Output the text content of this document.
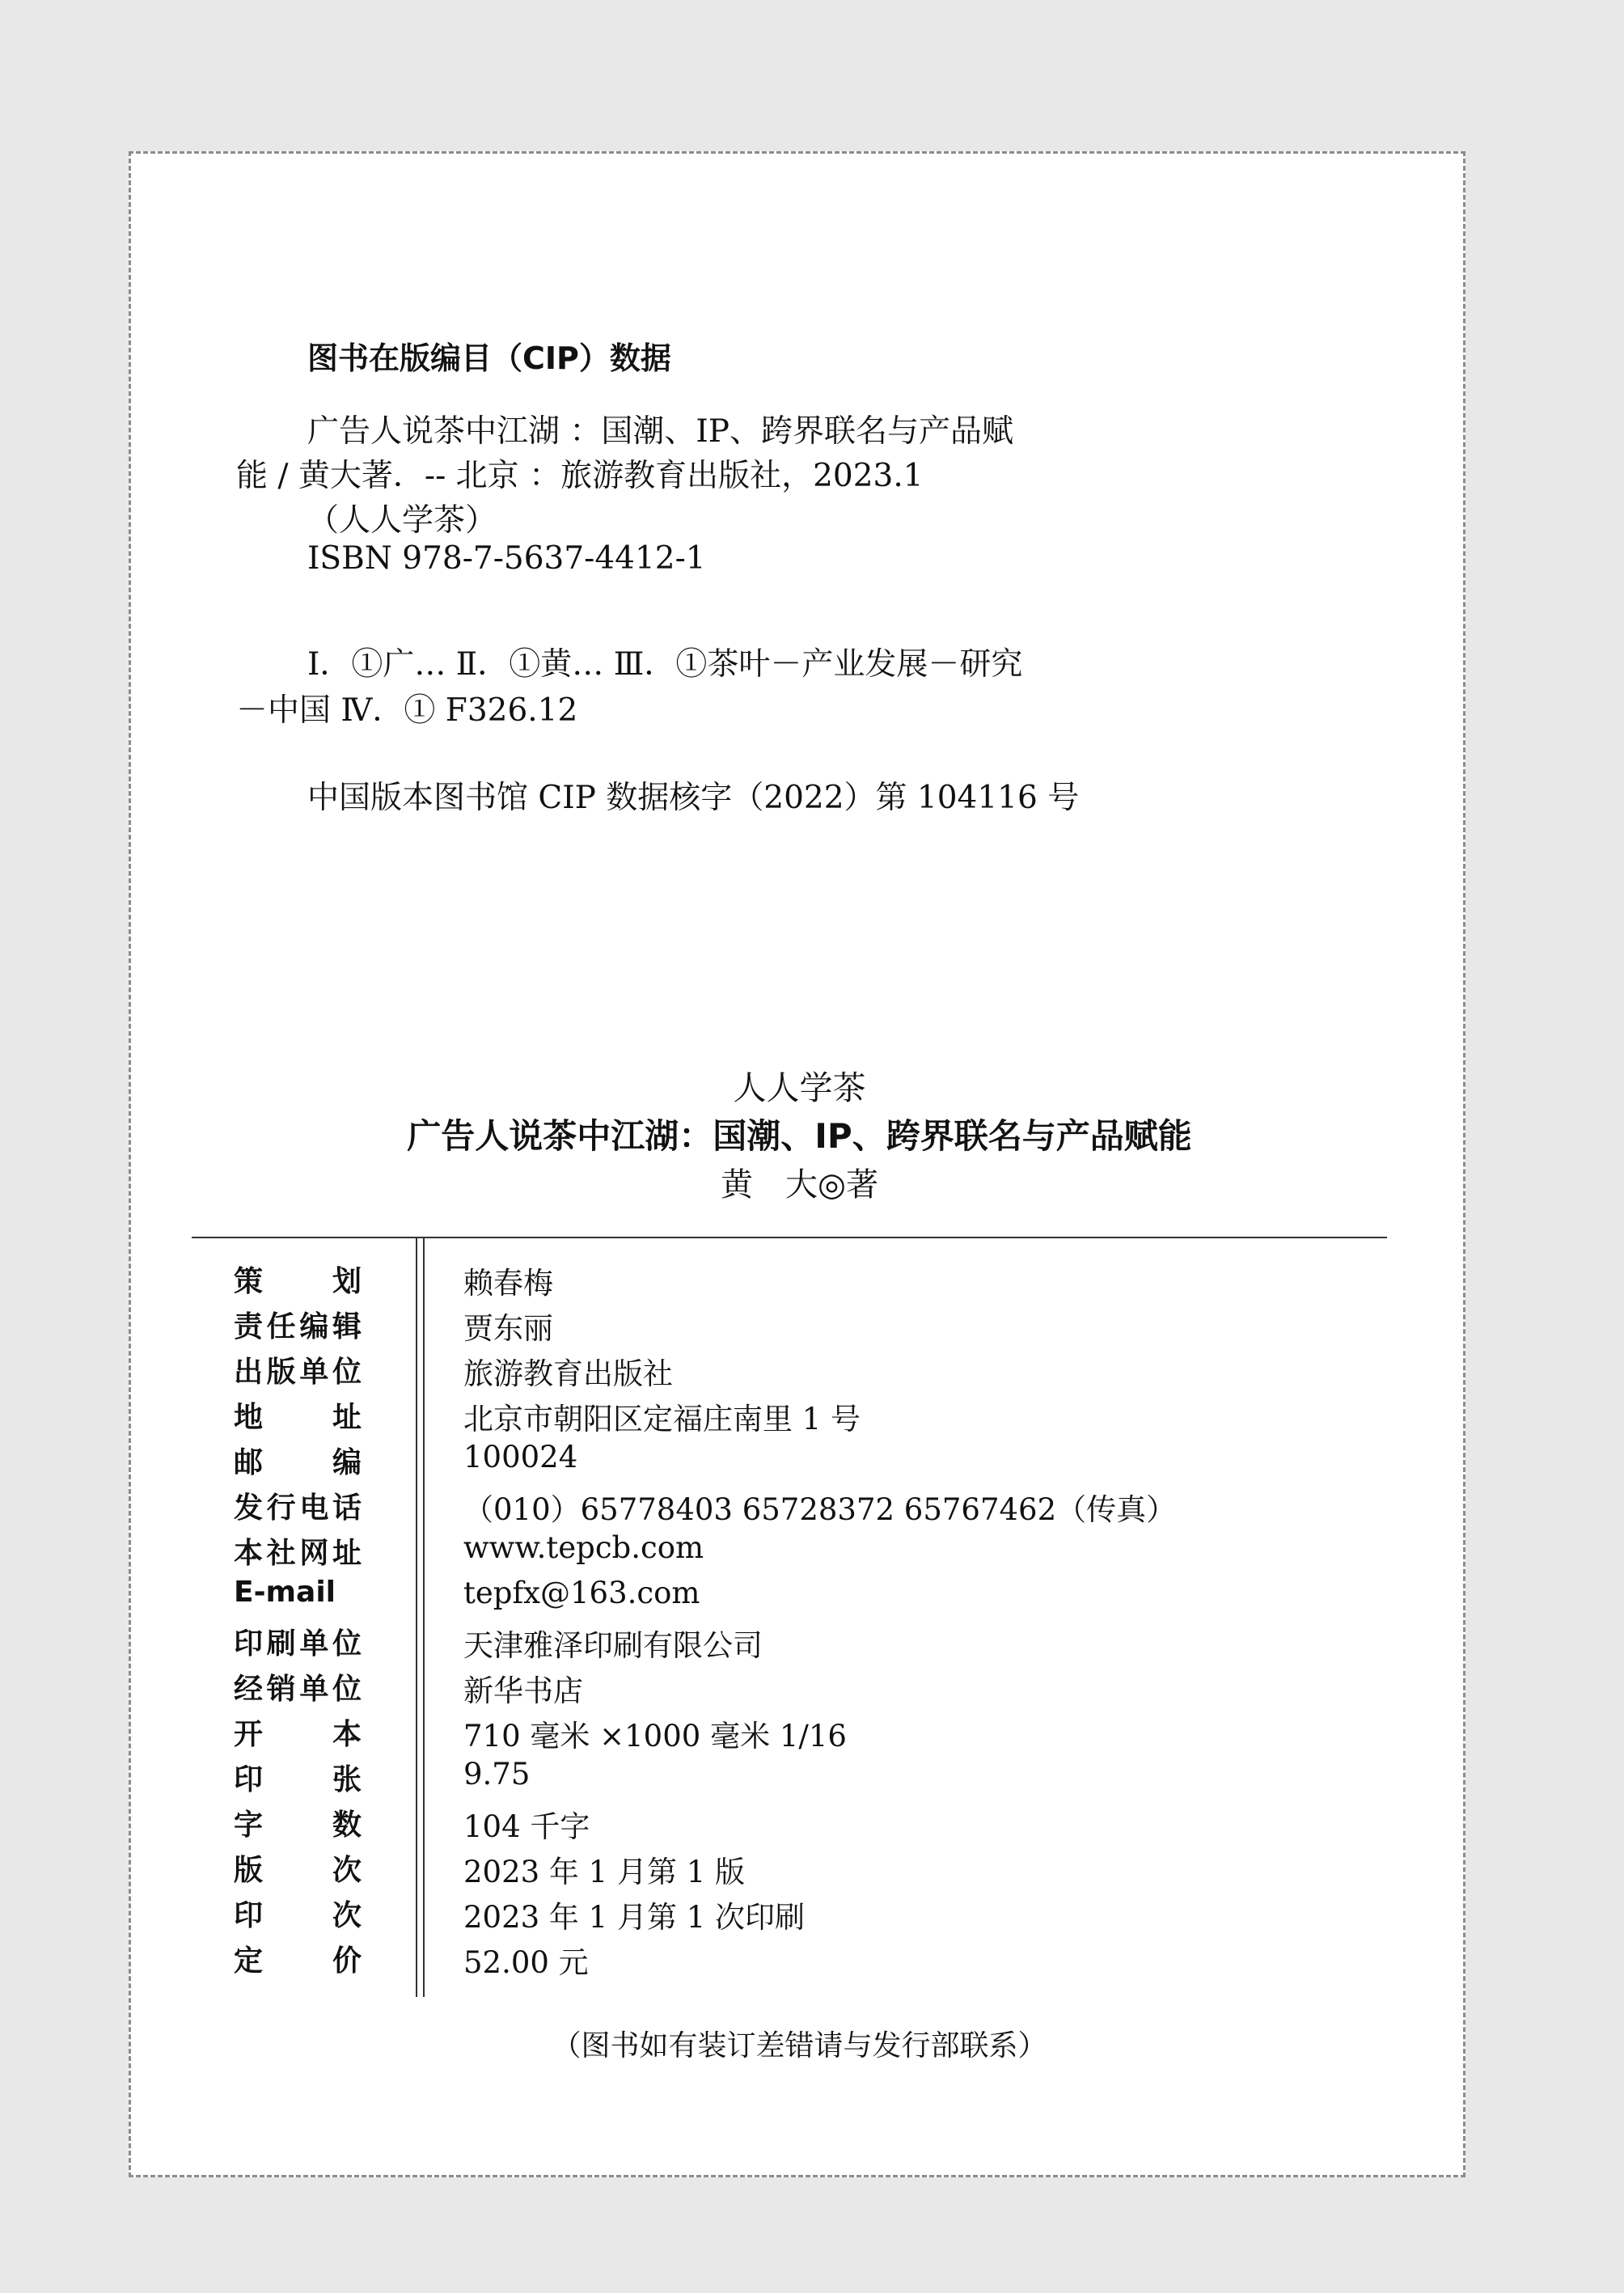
图书在版编目（CIP）数据
广告人说茶中江湖 ：国潮、IP、跨界联名与产品赋
能 / 黄大著．-- 北京 ：旅游教育出版社，2023.1
（人人学茶）
ISBN 978-7-5637-4412-1
Ⅰ．①广… Ⅱ．①黄… Ⅲ．①茶叶－产业发展－研究
－中国 Ⅳ．① F326.12
中国版本图书馆 CIP 数据核字（2022）第 104116 号
人人学茶
广告人说茶中江湖：国潮、IP、跨界联名与产品赋能
黄　大◎著
策　　划	赖春梅
责任编辑	贾东丽
出版单位	旅游教育出版社
地　　址	北京市朝阳区定福庄南里 1 号
邮　　编	100024
发行电话	（010）65778403 65728372 65767462（传真）
本社网址	www.tepcb.com
E-mail	tepfx@163.com
印刷单位	天津雅泽印刷有限公司
经销单位	新华书店
开　　本	710 毫米 ×1000 毫米 1/16
印　　张	9.75
字　　数	104 千字
版　　次	2023 年 1 月第 1 版
印　　次	2023 年 1 月第 1 次印刷
定　　价	52.00 元
（图书如有装订差错请与发行部联系）
